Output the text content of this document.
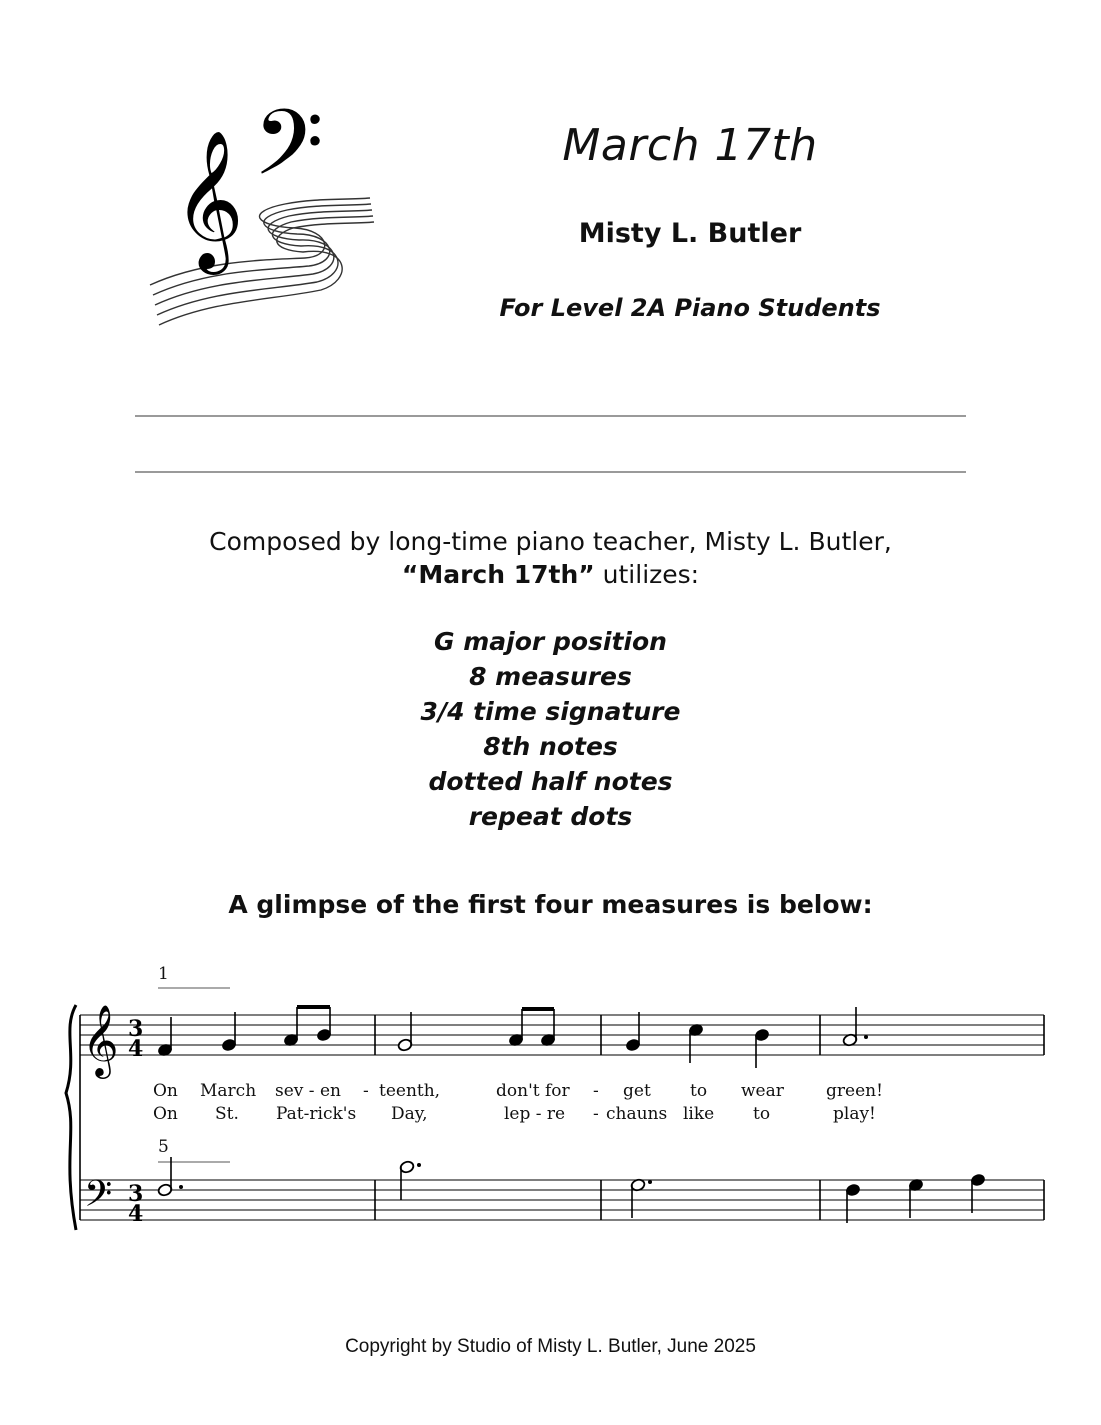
𝄞 𝄢	March 17th
Misty L. Butler
For Level 2A Piano Students
Composed by long-time piano teacher, Misty L. Butler,
“March 17th” utilizes:
G major position
8 measures
3/4 time signature
8th notes
dotted half notes
repeat dots
A glimpse of the first four measures is below:
𝄞
𝄢
3
4
3
4
1
5
On March sev - en - teenth,	don't for - get to wear green!
On St. Pat-rick's Day,	lep - re - chauns like to	play!
Copyright by Studio of Misty L. Butler, June 2025
